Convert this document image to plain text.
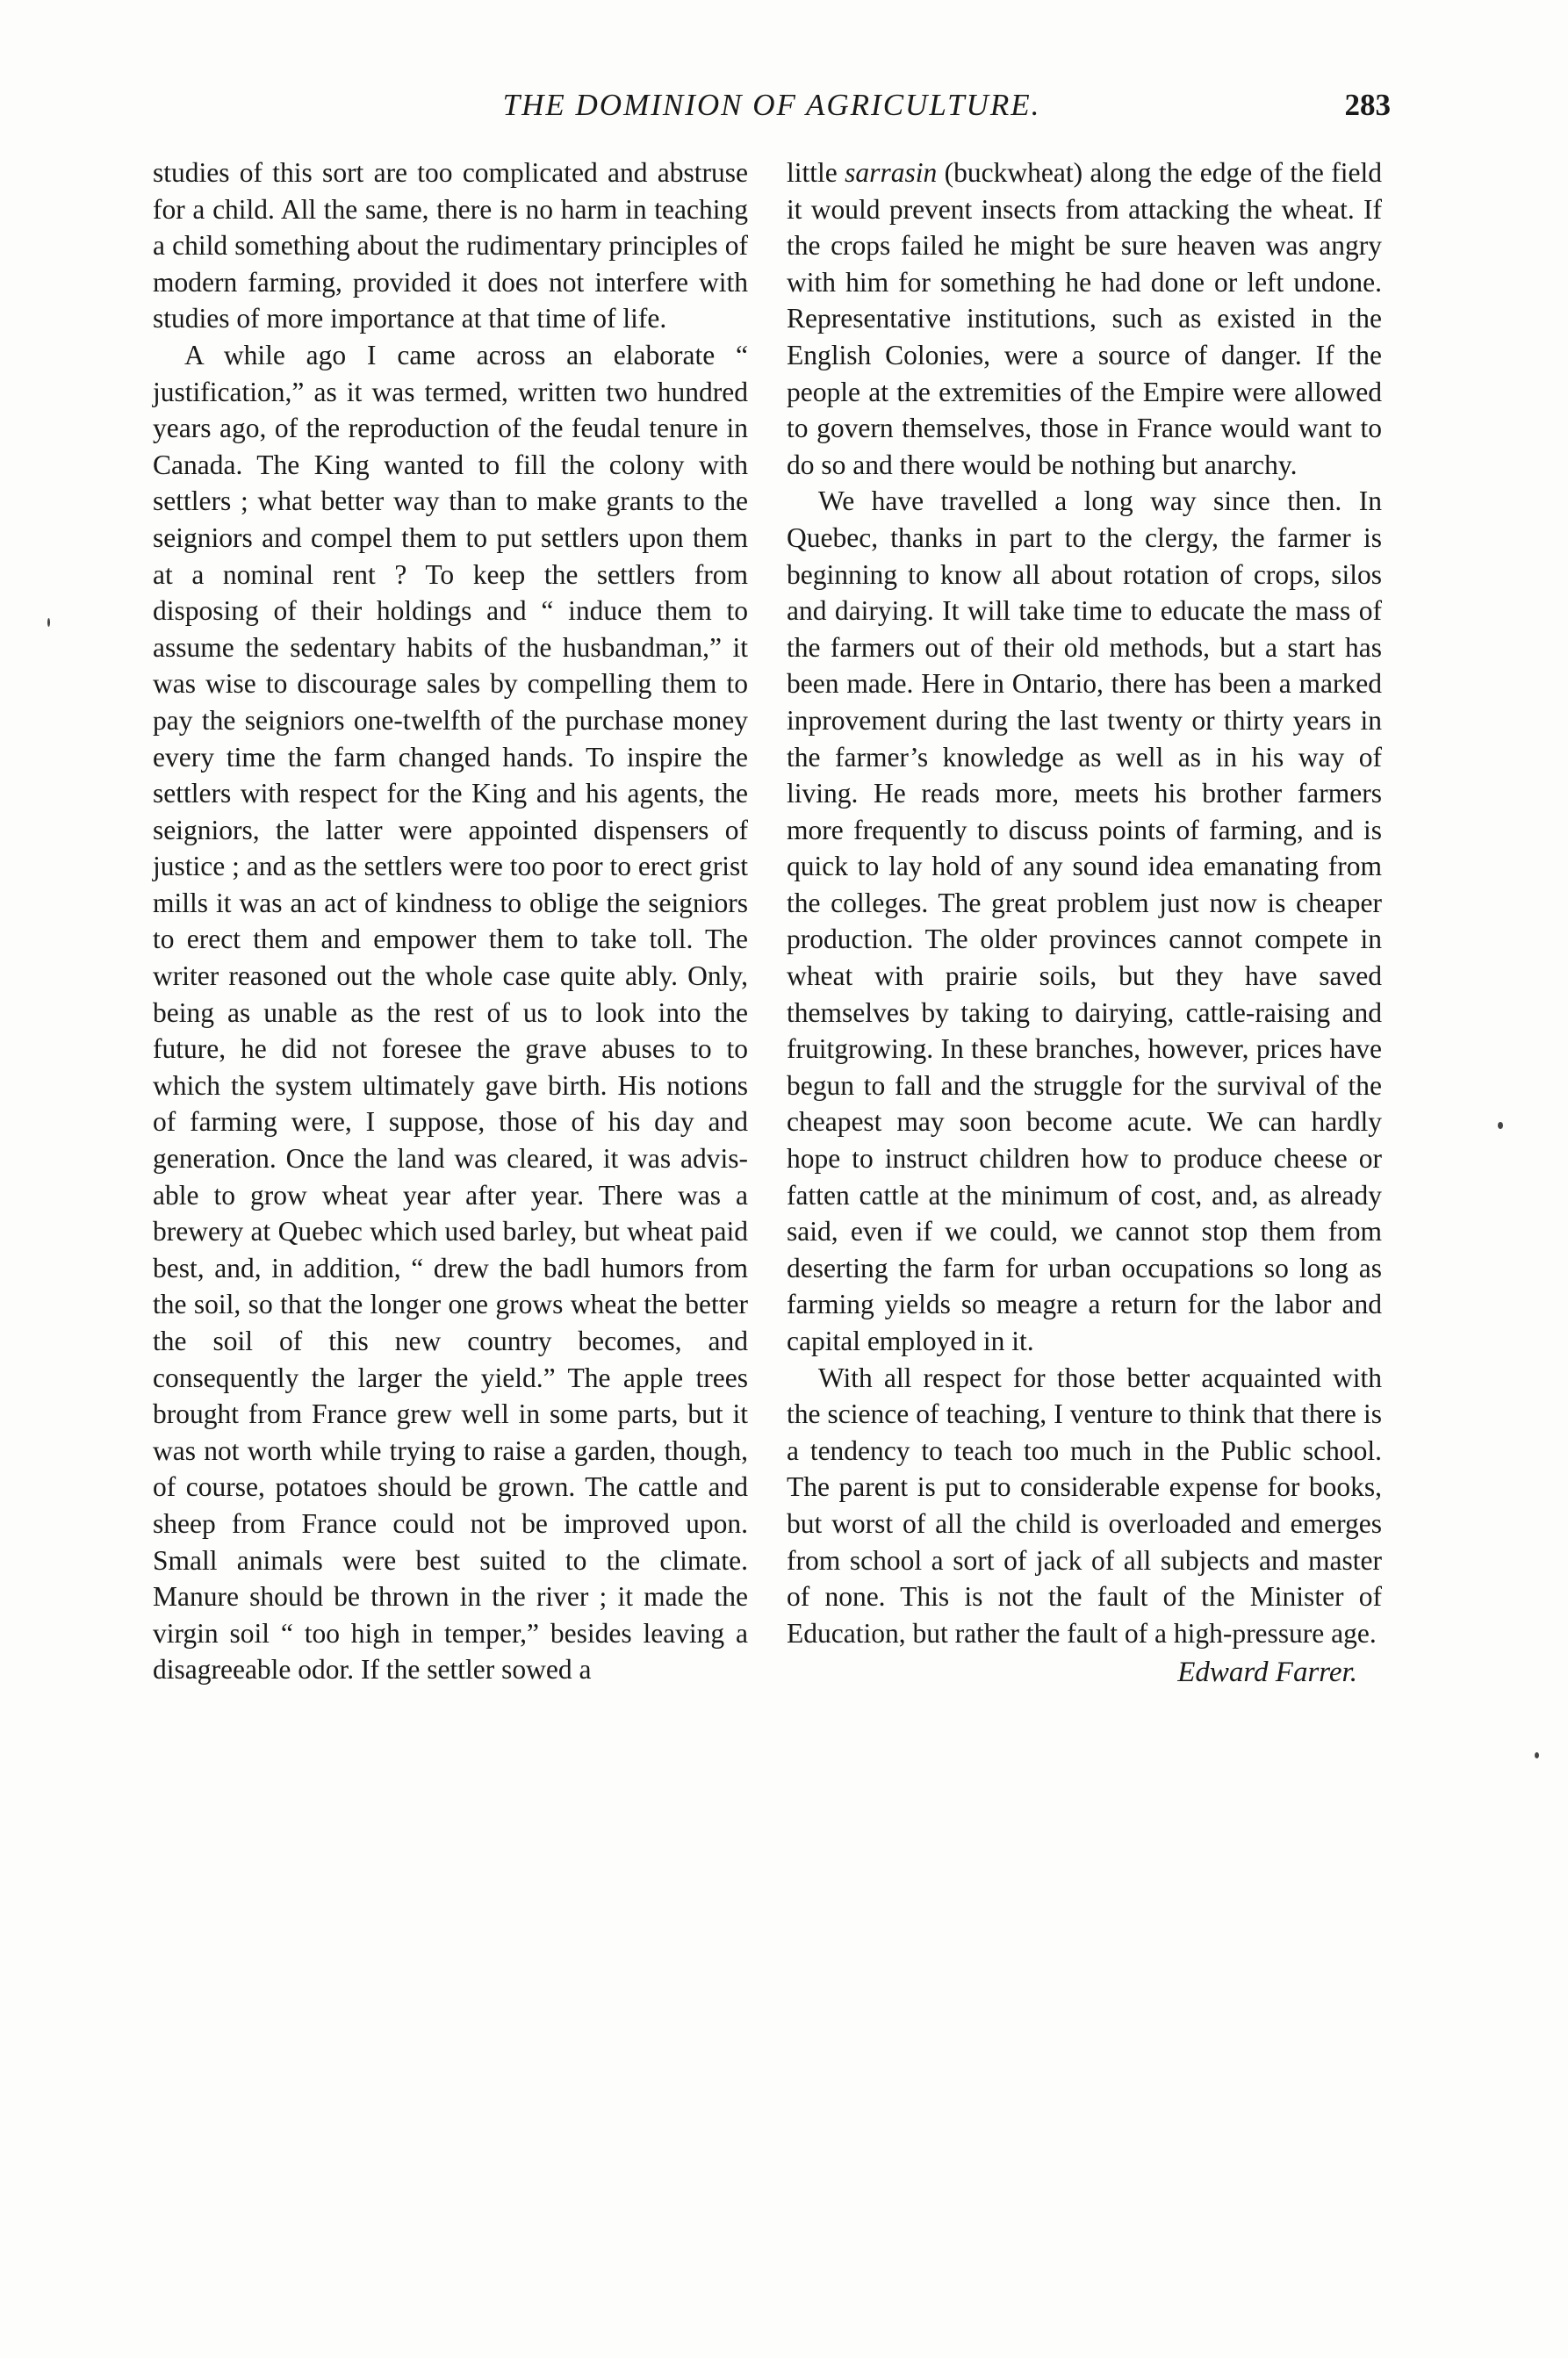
THE DOMINION OF AGRICULTURE.	283

studies of this sort are too complicated and abstruse for a child. All the same, there is no harm in teaching a child something about the rudimentary principles of modern farming, provided it does not interfere with studies of more importance at that time of life.

A while ago I came across an elaborate “ justification,” as it was termed, written two hundred years ago, of the reproduction of the feudal tenure in Canada. The King wanted to fill the colony with settlers ; what better way than to make grants to the seigniors and compel them to put settlers upon them at a nominal rent ? To keep the settlers from disposing of their holdings and “ induce them to assume the sedentary habits of the husbandman,” it was wise to discourage sales by compelling them to pay the seigniors one-twelfth of the purchase money every time the farm changed hands. To inspire the settlers with respect for the King and his agents, the seigniors, the latter were appointed dispensers of justice ; and as the settlers were too poor to erect grist mills it was an act of kindness to oblige the seigniors to erect them and empower them to take toll. The writer reasoned out the whole case quite ably. Only, being as unable as the rest of us to look into the future, he did not foresee the grave abuses to to which the system ultimately gave birth. His notions of farming were, I suppose, those of his day and generation. Once the land was cleared, it was advisable to grow wheat year after year. There was a brewery at Quebec which used barley, but wheat paid best, and, in addition, “ drew the badl humors from the soil, so that the longer one grows wheat the better the soil of this new country becomes, and consequently the larger the yield.” The apple trees brought from France grew well in some parts, but it was not worth while trying to raise a garden, though, of course, potatoes should be grown. The cattle and sheep from France could not be improved upon. Small animals were best suited to the climate. Manure should be thrown in the river ; it made the virgin soil “ too high in temper,” besides leaving a disagreeable odor. If the settler sowed a

little sarrasin (buckwheat) along the edge of the field it would prevent insects from attacking the wheat. If the crops failed he might be sure heaven was angry with him for something he had done or left undone. Representative institutions, such as existed in the English Colonies, were a source of danger. If the people at the extremities of the Empire were allowed to govern themselves, those in France would want to do so and there would be nothing but anarchy.

We have travelled a long way since then. In Quebec, thanks in part to the clergy, the farmer is beginning to know all about rotation of crops, silos and dairying. It will take time to educate the mass of the farmers out of their old methods, but a start has been made. Here in Ontario, there has been a marked inprovement during the last twenty or thirty years in the farmer’s knowledge as well as in his way of living. He reads more, meets his brother farmers more frequently to discuss points of farming, and is quick to lay hold of any sound idea emanating from the colleges. The great problem just now is cheaper production. The older provinces cannot compete in wheat with prairie soils, but they have saved themselves by taking to dairying, cattle-raising and fruitgrowing. In these branches, however, prices have begun to fall and the struggle for the survival of the cheapest may soon become acute. We can hardly hope to instruct children how to produce cheese or fatten cattle at the minimum of cost, and, as already said, even if we could, we cannot stop them from deserting the farm for urban occupations so long as farming yields so meagre a return for the labor and capital employed in it.

With all respect for those better acquainted with the science of teaching, I venture to think that there is a tendency to teach too much in the Public school. The parent is put to considerable expense for books, but worst of all the child is overloaded and emerges from school a sort of jack of all subjects and master of none. This is not the fault of the Minister of Education, but rather the fault of a high-pressure age.

Edward Farrer.
